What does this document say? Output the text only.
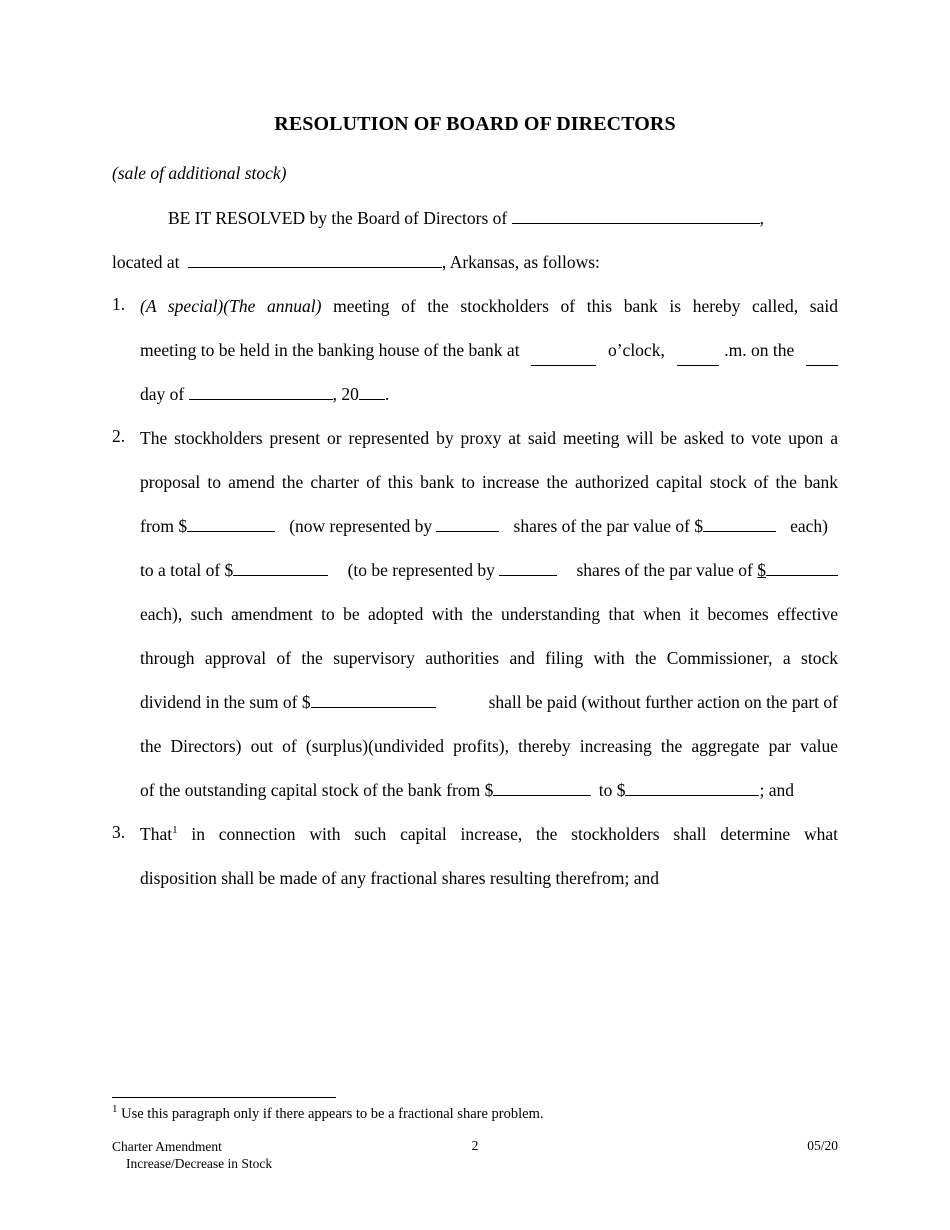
RESOLUTION OF BOARD OF DIRECTORS
(sale of additional stock)
BE IT RESOLVED by the Board of Directors of	,
located at	, Arkansas, as follows:
1. (A special)(The annual) meeting of the stockholders of this bank is hereby called, said
meeting to be held in the banking house of the bank at	o’clock,	.m. on the
day of	, 20 .
2. The stockholders present or represented by proxy at said meeting will be asked to vote upon a
proposal to amend the charter of this bank to increase the authorized capital stock of the bank
from $	(now represented by	shares of the par value of $	each)
to a total of $	(to be represented by	shares of the par value of $
each), such amendment to be adopted with the understanding that when it becomes effective
through approval of the supervisory authorities and filing with the Commissioner, a stock
dividend in the sum of $	shall be paid (without further action on the part of
the Directors) out of (surplus)(undivided profits), thereby increasing the aggregate par value
of the outstanding capital stock of the bank from $	to $	; and
3. That$^1$ in connection with such capital increase, the stockholders shall determine what
disposition shall be made of any fractional shares resulting therefrom; and
$^1$ Use this paragraph only if there appears to be a fractional share problem.
Charter Amendment
Increase/Decrease in Stock
2	05/20
